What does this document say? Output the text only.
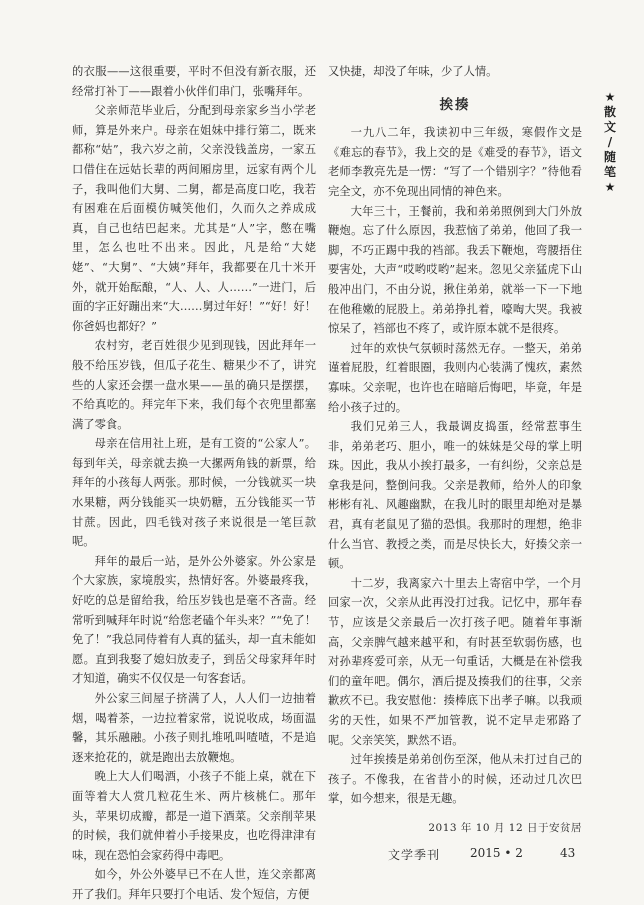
的衣服——这很重要，平时不但没有新衣服，还经常打补丁——跟着小伙伴们串门，张嘴拜年。

父亲师范毕业后，分配到母亲家乡当小学老师，算是外来户。母亲在姐妹中排行第二，既来都称“姑”，我六岁之前，父亲没钱盖房，一家五口借住在远姑长辈的两间厢房里，远家有两个儿子，我叫他们大舅、二舅，都是高度口吃，我若有困难在后面模仿喊笑他们，久而久之养成成真，自己也结巴起来。尤其是“人”字，憋在嘴里，怎么也吐不出来。因此，凡是给“大姥姥”、“大舅”、“大姨”拜年，我都要在几十米开外，就开始酝酿，“人、人、人……”一进门，后面的字正好蹦出来“大……舅过年好！”“好！好！你爸妈也都好？”

农村穷，老百姓很少见到现钱，因此拜年一般不给压岁钱，但瓜子花生、糖果少不了，讲究些的人家还会摆一盘水果——虽的确只是摆摆，不给真吃的。拜完年下来，我们每个衣兜里都塞满了零食。

母亲在信用社上班，是有工资的“公家人”。每到年关，母亲就去换一大摞两角钱的新票，给拜年的小孩每人两张。那时候，一分钱就买一块水果糖，两分钱能买一块奶糖，五分钱能买一节甘蔗。因此，四毛钱对孩子来说很是一笔巨款呢。

拜年的最后一站，是外公外婆家。外公家是个大家族，家境殷实，热情好客。外婆最疼我，好吃的总是留给我，给压岁钱也是毫不吝啬。经常听到喊拜年时说“给您老磕个年头来？”“免了！免了！”我总同侍着有人真的猛头，却一直未能如愿。直到我娶了媳妇放麦子，到岳父母家拜年时才知道，确实不仅仅是一句客套话。

外公家三间屋子挤满了人，人人们一边抽着烟，喝着茶，一边拉着家常，说说收成，场面温馨，其乐融融。小孩子则扎堆吼叫喳喳，不是追逐来抢花的，就是跑出去放鞭炮。

晚上大人们喝酒，小孩子不能上桌，就在下面等着大人赏几粒花生米、两片核桃仁。那年头，苹果切成瓣，都是一道下酒菜。父亲削苹果的时候，我们就伸着小手接果皮，也吃得津津有味，现在恐怕会家药得中毒吧。

如今，外公外婆早已不在人世，连父亲都离开了我们。拜年只要打个电话、发个短信，方便

又快捷，却没了年味，少了人情。

挨揍

一九八二年，我读初中三年级，寒假作文是《难忘的春节》，我上交的是《难受的春节》，语文老师李教亮先是一愣：“写了一个错别字？”待他看完全文，亦不免现出同情的神色来。

大年三十，王餐前，我和弟弟照例到大门外放鞭炮。忘了什么原因，我惹恼了弟弟，他回了我一脚，不巧正踢中我的裆部。我丢下鞭炮，弯腰捂住要害处，大声“哎哟哎哟”起来。忽见父亲猛虎下山般冲出门，不由分说，揪住弟弟，就举一下一下地在他稚嫩的屁股上。弟弟挣扎着，嚎啕大哭。我被惊呆了，裆部也不疼了，或许原本就不是很疼。

过年的欢快气氛顿时荡然无存。一整天，弟弟谨着屁股，红着眼圈，我则内心装满了愧疚，素然寡味。父亲呢，也许也在暗暗后悔吧，毕竟，年是给小孩子过的。

我们兄弟三人，我最调皮捣蛋，经常惹事生非，弟弟老巧、胆小，唯一的妹妹是父母的掌上明珠。因此，我从小挨打最多，一有纠纷，父亲总是拿我是问，整倒问我。父亲是教师，给外人的印象彬彬有礼、风趣幽默，在我儿时的眼里却绝对是暴君，真有老鼠见了猫的恐惧。我那时的理想，绝非什么当官、教授之类，而是尽快长大，好揍父亲一顿。

十二岁，我离家六十里去上寄宿中学，一个月回家一次，父亲从此再没打过我。记忆中，那年春节，应该是父亲最后一次打孩子吧。随着年事渐高，父亲脾气越来越平和，有时甚至软弱伤感，也对孙辈疼爱可亲，从无一句重话，大概是在补偿我们的童年吧。偶尔，酒后提及揍我们的往事，父亲歉疚不已。我安慰他：揍棒底下出孝子嘛。以我顽劣的天性，如果不严加管教，说不定早走邪路了呢。父亲笑笑，默然不语。

过年挨揍是弟弟创伤至深，他从未打过自己的孩子。不像我，在省昔小的时候，还动过几次巴掌，如今想来，很是无趣。

2013 年 10 月 12 日于安贫居
★
散
文
/
随
笔
★
文学季刊 2015 • 2	43
